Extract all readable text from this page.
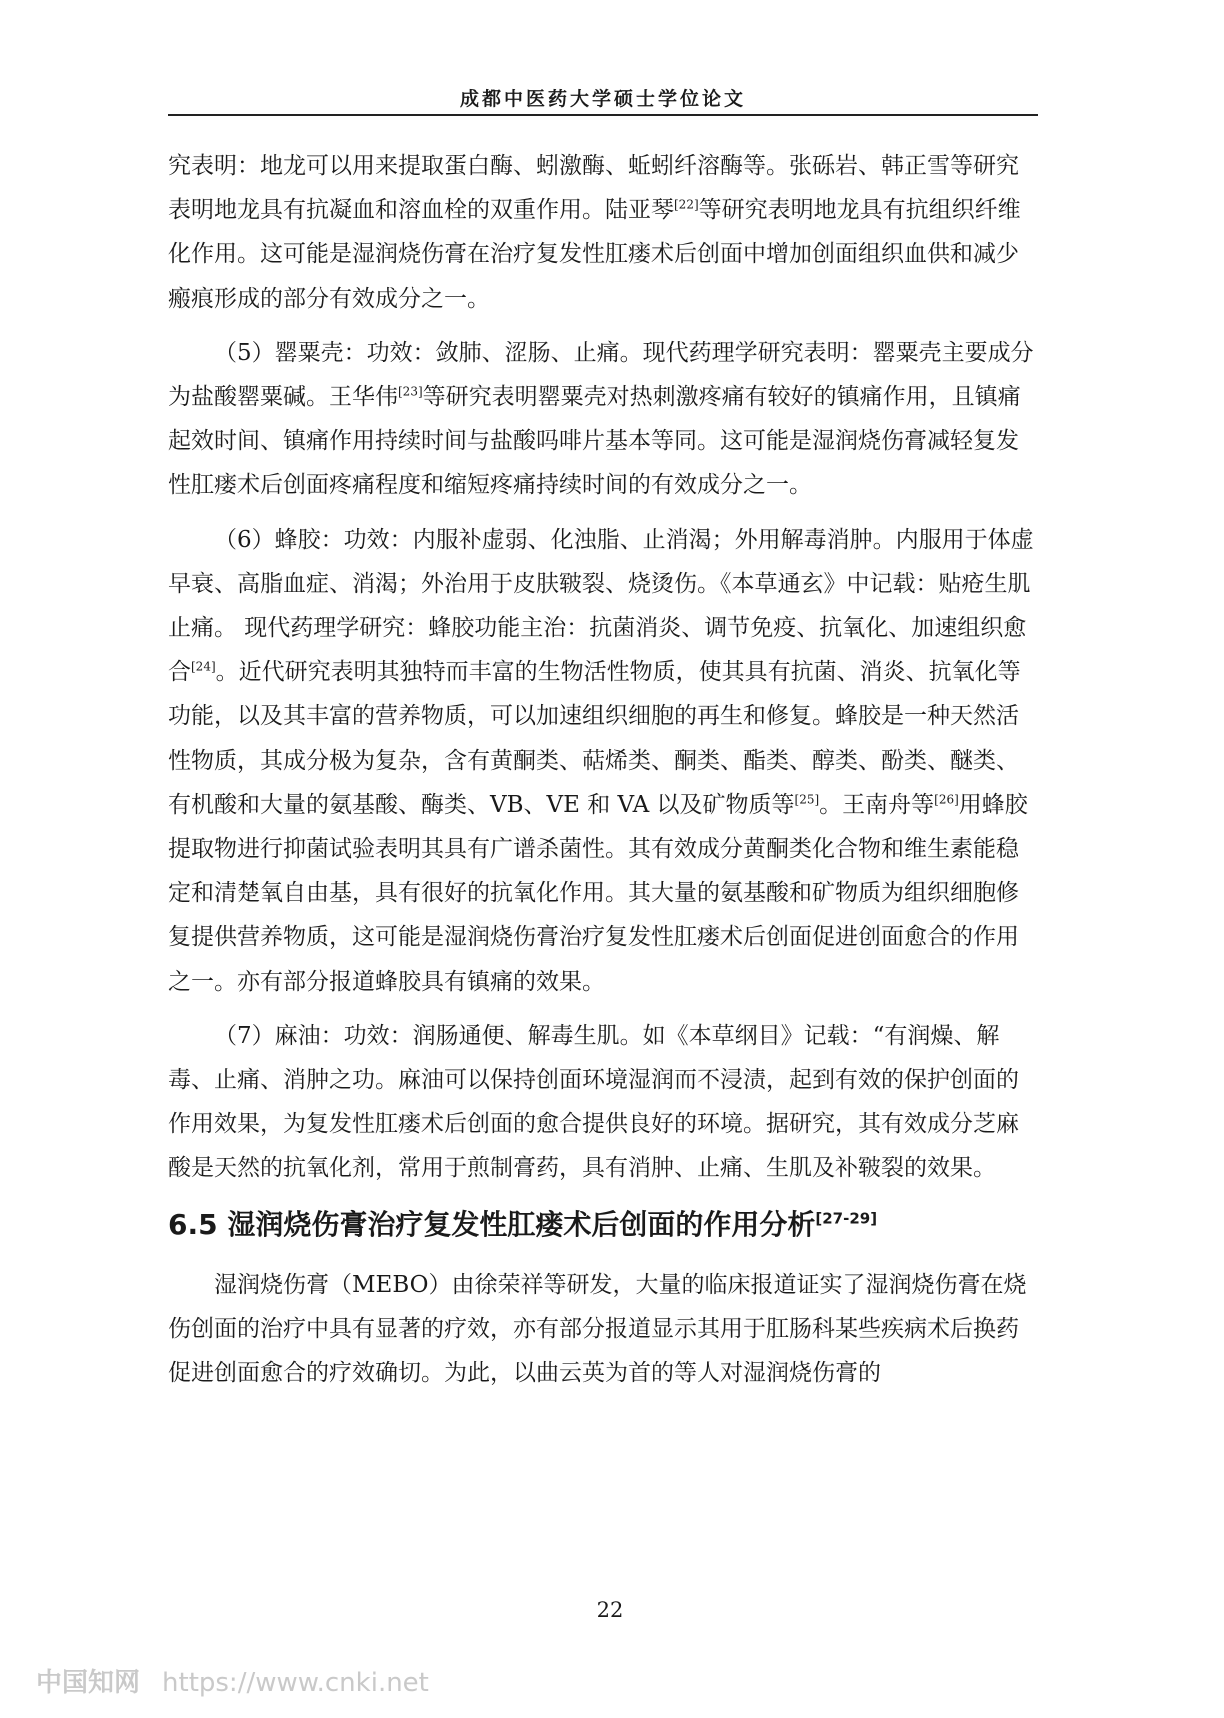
成都中医药大学硕士学位论文

究表明：地龙可以用来提取蛋白酶、蚓激酶、蚯蚓纤溶酶等。张砾岩、韩正雪等研究表明地龙具有抗凝血和溶血栓的双重作用。陆亚琴[22]等研究表明地龙具有抗组织纤维化作用。这可能是湿润烧伤膏在治疗复发性肛瘘术后创面中增加创面组织血供和减少瘢痕形成的部分有效成分之一。

（5）罂粟壳：功效：敛肺、涩肠、止痛。现代药理学研究表明：罂粟壳主要成分为盐酸罂粟碱。王华伟[23]等研究表明罂粟壳对热刺激疼痛有较好的镇痛作用，且镇痛起效时间、镇痛作用持续时间与盐酸吗啡片基本等同。这可能是湿润烧伤膏减轻复发性肛瘘术后创面疼痛程度和缩短疼痛持续时间的有效成分之一。

（6）蜂胶：功效：内服补虚弱、化浊脂、止消渴；外用解毒消肿。内服用于体虚早衰、高脂血症、消渴；外治用于皮肤皲裂、烧烫伤。《本草通玄》中记载：贴疮生肌止痛。 现代药理学研究：蜂胶功能主治：抗菌消炎、调节免疫、抗氧化、加速组织愈合[24]。近代研究表明其独特而丰富的生物活性物质，使其具有抗菌、消炎、抗氧化等功能，以及其丰富的营养物质，可以加速组织细胞的再生和修复。蜂胶是一种天然活性物质，其成分极为复杂，含有黄酮类、萜烯类、酮类、酯类、醇类、酚类、醚类、有机酸和大量的氨基酸、酶类、VB、VE 和 VA 以及矿物质等[25]。王南舟等[26]用蜂胶提取物进行抑菌试验表明其具有广谱杀菌性。其有效成分黄酮类化合物和维生素能稳定和清楚氧自由基，具有很好的抗氧化作用。其大量的氨基酸和矿物质为组织细胞修复提供营养物质，这可能是湿润烧伤膏治疗复发性肛瘘术后创面促进创面愈合的作用之一。亦有部分报道蜂胶具有镇痛的效果。

（7）麻油：功效：润肠通便、解毒生肌。如《本草纲目》记载：“有润燥、解毒、止痛、消肿之功。麻油可以保持创面环境湿润而不浸渍，起到有效的保护创面的作用效果，为复发性肛瘘术后创面的愈合提供良好的环境。据研究，其有效成分芝麻酸是天然的抗氧化剂，常用于煎制膏药，具有消肿、止痛、生肌及补皲裂的效果。

6.5 湿润烧伤膏治疗复发性肛瘘术后创面的作用分析[27-29]

湿润烧伤膏（MEBO）由徐荣祥等研发，大量的临床报道证实了湿润烧伤膏在烧伤创面的治疗中具有显著的疗效，亦有部分报道显示其用于肛肠科某些疾病术后换药促进创面愈合的疗效确切。为此，以曲云英为首的等人对湿润烧伤膏的

22
中国知网 https://www.cnki.net
